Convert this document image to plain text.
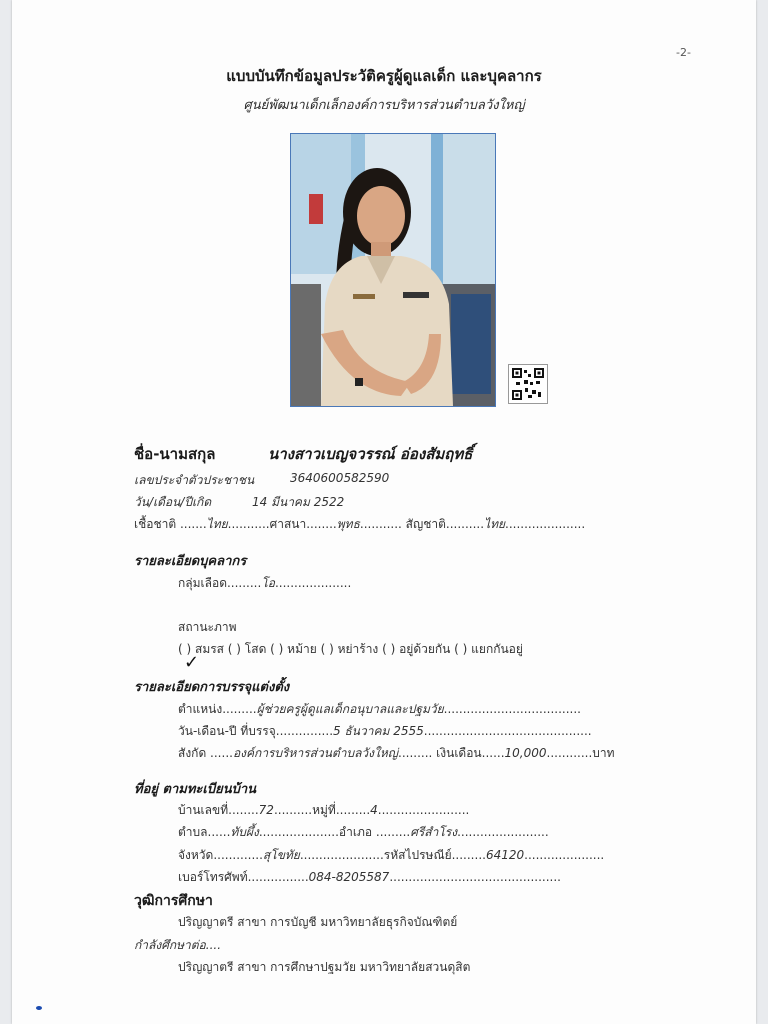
-2-
แบบบันทึกข้อมูลประวัติครูผู้ดูแลเด็ก และบุคลากร
ศูนย์พัฒนาเด็กเล็กองค์การบริหารส่วนตำบลวังใหญ่
ชื่อ-นามสกุล	นางสาวเบญจวรรณ์ อ่องสัมฤทธิ์
เลขประจำตัวประชาชน	3640600582590
วัน/เดือน/ปีเกิด	14 มีนาคม 2522
เชื้อชาติ .......ไทย...........ศาสนา........พุทธ........... สัญชาติ..........ไทย.....................
รายละเอียดบุคลากร
กลุ่มเลือด.........โอ....................
สถานะภาพ
( ) สมรส ( ) โสด ( ) หม้าย ( ) หย่าร้าง ( ) อยู่ด้วยกัน ( ) แยกกันอยู่
✓
รายละเอียดการบรรจุแต่งตั้ง
ตำแหน่ง.........ผู้ช่วยครูผู้ดูแลเด็กอนุบาลและปฐมวัย....................................
วัน-เดือน-ปี ที่บรรจุ...............5 ธันวาคม 2555............................................
สังกัด ......องค์การบริหารส่วนตำบลวังใหญ่......... เงินเดือน......10,000............บาท
ที่อยู่ ตามทะเบียนบ้าน
บ้านเลขที่........72..........หมู่ที่.........4........................
ตำบล......ทับผึ้ง.....................อำเภอ .........ศรีสำโรง........................
จังหวัด.............สุโขทัย......................รหัสไปรษณีย์.........64120.....................
เบอร์โทรศัพท์................084-8205587.............................................
วุฒิการศึกษา
ปริญญาตรี สาขา การบัญชี มหาวิทยาลัยธุรกิจบัณฑิตย์
กำลังศึกษาต่อ....
ปริญญาตรี สาขา การศึกษาปฐมวัย มหาวิทยาลัยสวนดุสิต
